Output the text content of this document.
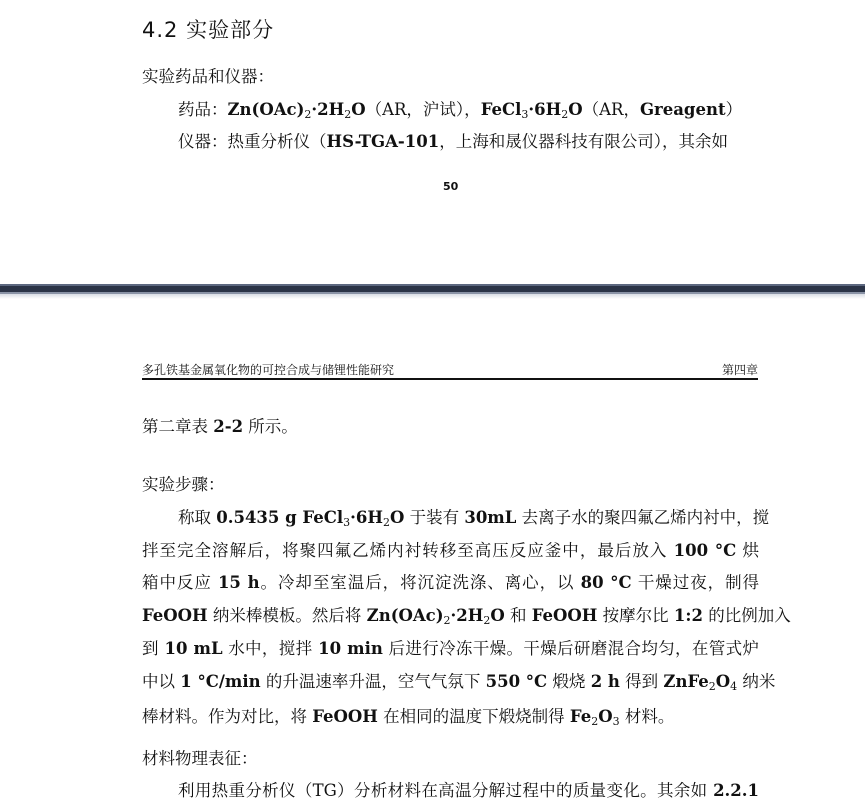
4.2 实验部分
实验药品和仪器：
药品：$Zn(OAc)_2\cdot 2H_2O(AR$，沪试），$FeCl_3\cdot 6H_2O(AR$，Greagent）
仪器：热重分析仪（HS-TGA-101，上海和晟仪器科技有限公司），其余如
50
多孔铁基金属氧化物的可控合成与储锂性能研究	第四章
第二章表 2-2 所示。
实验步骤：
称取 0.5435 g $FeCl_3\cdot 6H_2O$ 于装有 30mL 去离子水的聚四氟乙烯内衬中，搅
拌至完全溶解后，将聚四氟乙烯内衬转移至高压反应釜中，最后放入 100 °C 烘
箱中反应 15 h。冷却至室温后，将沉淀洗涤、离心，以 80 °C 干燥过夜，制得
FeOOH 纳米棒模板。然后将 $Zn(OAc)_2\cdot 2H_2O$ 和 FeOOH 按摩尔比 1:2 的比例加入
到 10 mL 水中，搅拌 10 min 后进行冷冻干燥。干燥后研磨混合均匀，在管式炉
中以 1 °C/min 的升温速率升温，空气气氛下 550 °C 煅烧 2 h 得到 $ZnFe_2O_4$ 纳米
棒材料。作为对比，将 FeOOH 在相同的温度下煅烧制得 $Fe_2O_3$ 材料。
材料物理表征：
利用热重分析仪（TG）分析材料在高温分解过程中的质量变化。其余如 2.2.1
